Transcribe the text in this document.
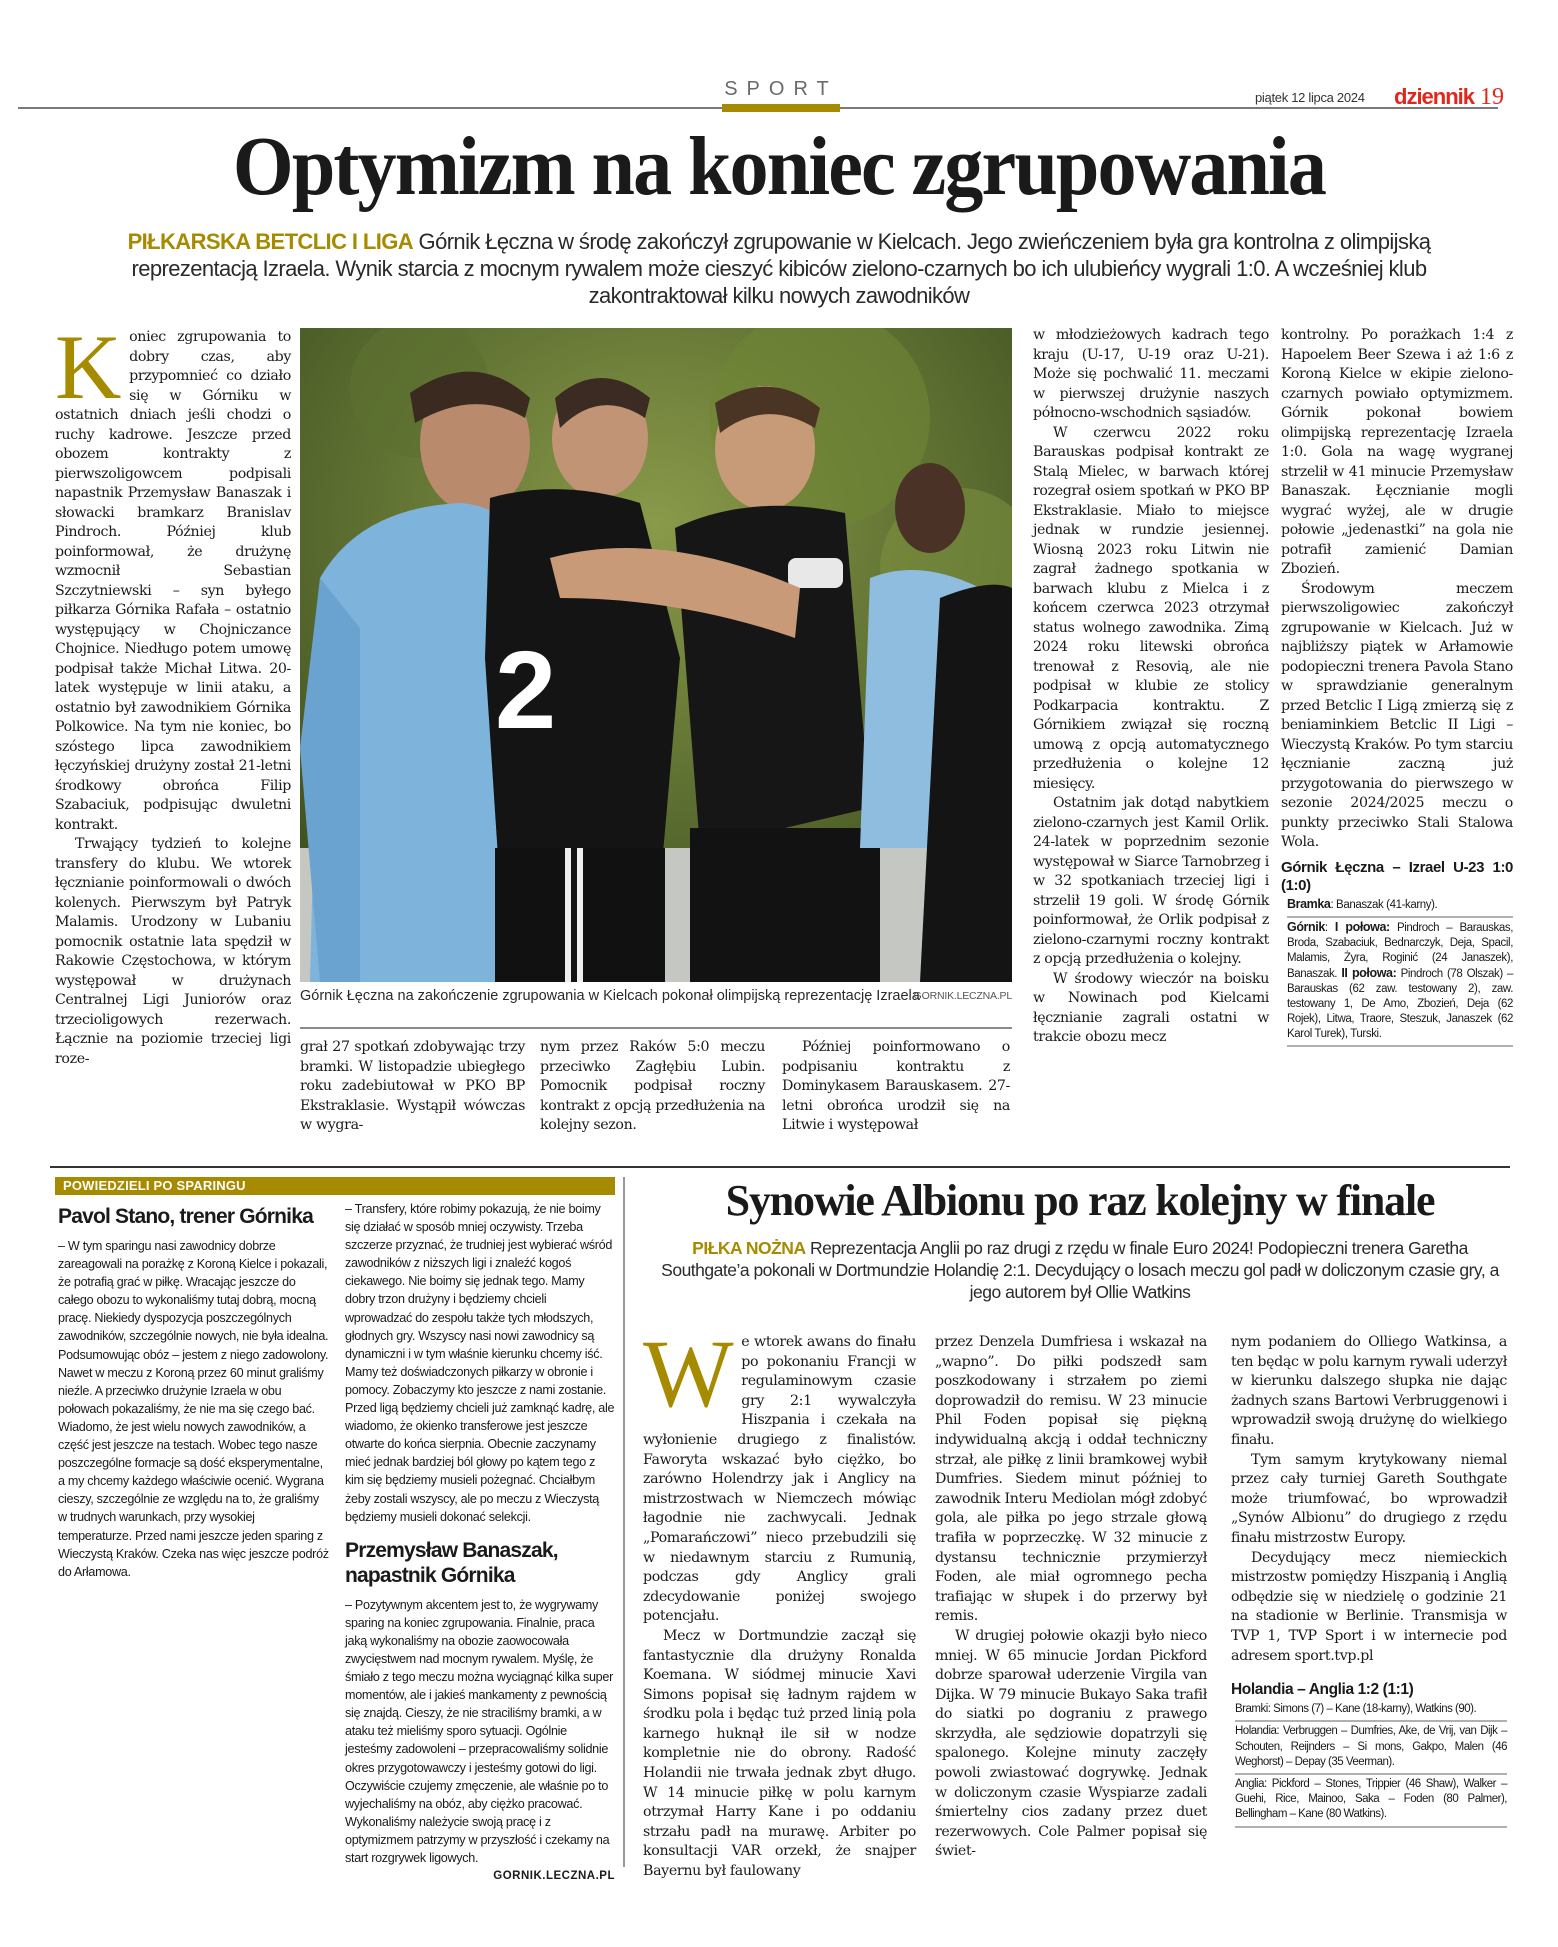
SPORT	piątek 12 lipca 2024 dziennik 19
Optymizm na koniec zgrupowania
PIŁKARSKA BETCLIC I LIGA Górnik Łęczna w środę zakończył zgrupowanie w Kielcach. Jego zwieńczeniem była gra kontrolna z olimpijską reprezentacją Izraela. Wynik starcia z mocnym rywalem może cieszyć kibiców zielono-czarnych bo ich ulubieńcy wygrali 1:0. A wcześniej klub zakontraktował kilku nowych zawodników
K oniec zgrupowania to dobry czas, aby przypomnieć co działo się w Górniku w ostatnich dniach jeśli chodzi o ruchy kadrowe. Jeszcze przed obozem kontrakty z pierwszoligowcem podpisali napastnik Przemysław Banaszak i słowacki bramkarz Branislav Pindroch. Później klub poinformował, że drużynę wzmocnił Sebastian Szczytniewski – syn byłego piłkarza Górnika Rafała – ostatnio występujący w Chojniczance Chojnice. Niedługo potem umowę podpisał także Michał Litwa. 20-latek występuje w linii ataku, a ostatnio był zawodnikiem Górnika Polkowice. Na tym nie koniec, bo szóstego lipca zawodnikiem łęczyńskiej drużyny został 21-letni środkowy obrońca Filip Szabaciuk, podpisując dwuletni kontrakt.

Trwający tydzień to kolejne transfery do klubu. We wtorek łęcznianie poinformowali o dwóch kolenych. Pierwszym był Patryk Malamis. Urodzony w Lubaniu pomocnik ostatnie lata spędził w Rakowie Częstochowa, w którym występował w drużynach Centralnej Ligi Juniorów oraz trzecioligowych rezerwach. Łącznie na poziomie trzeciej ligi roze-

2
Górnik Łęczna na zakończenie zgrupowania w Kielcach pokonał olimpijską reprezentację Izraela
GORNIK.LECZNA.PL

grał 27 spotkań zdobywając trzy bramki. W listopadzie ubiegłego roku zadebiutował w PKO BP Ekstraklasie. Wystąpił wówczas w wygra-

nym przez Raków 5:0 meczu przeciwko Zagłębiu Lubin. Pomocnik podpisał roczny kontrakt z opcją przedłużenia na kolejny sezon.

Później poinformowano o podpisaniu kontraktu z Dominykasem Barauskasem. 27-letni obrońca urodził się na Litwie i występował

w młodzieżowych kadrach tego kraju (U-17, U-19 oraz U-21). Może się pochwalić 11. meczami w pierwszej drużynie naszych północno-wschodnich sąsiadów.

W czerwcu 2022 roku Barauskas podpisał kontrakt ze Stalą Mielec, w barwach której rozegrał osiem spotkań w PKO BP Ekstraklasie. Miało to miejsce jednak w rundzie jesiennej. Wiosną 2023 roku Litwin nie zagrał żadnego spotkania w barwach klubu z Mielca i z końcem czerwca 2023 otrzymał status wolnego zawodnika. Zimą 2024 roku litewski obrońca trenował z Resovią, ale nie podpisał w klubie ze stolicy Podkarpacia kontraktu. Z Górnikiem związał się roczną umową z opcją automatycznego przedłużenia o kolejne 12 miesięcy.

Ostatnim jak dotąd nabytkiem zielono-czarnych jest Kamil Orlik. 24-latek w poprzednim sezonie występował w Siarce Tarnobrzeg i w 32 spotkaniach trzeciej ligi i strzelił 19 goli. W środę Górnik poinformował, że Orlik podpisał z zielono-czarnymi roczny kontrakt z opcją przedłużenia o kolejny.

W środowy wieczór na boisku w Nowinach pod Kielcami łęcznianie zagrali ostatni w trakcie obozu mecz

kontrolny. Po porażkach 1:4 z Hapoelem Beer Szewa i aż 1:6 z Koroną Kielce w ekipie zielono-czarnych powiało optymizmem. Górnik pokonał bowiem olimpijską reprezentację Izraela 1:0. Gola na wagę wygranej strzelił w 41 minucie Przemysław Banaszak. Łęcznianie mogli wygrać wyżej, ale w drugie połowie „jedenastki” na gola nie potrafił zamienić Damian Zbozień.

Środowym meczem pierwszoligowiec zakończył zgrupowanie w Kielcach. Już w najbliższy piątek w Arłamowie podopieczni trenera Pavola Stano w sprawdzianie generalnym przed Betclic I Ligą zmierzą się z beniaminkiem Betclic II Ligi – Wieczystą Kraków. Po tym starciu łęcznianie zaczną już przygotowania do pierwszego w sezonie 2024/2025 meczu o punkty przeciwko Stali Stalowa Wola.

Górnik Łęczna – Izrael U-23 1:0 (1:0)
Bramka: Banaszak (41-karny).
Górnik: I połowa: Pindroch – Barauskas, Broda, Szabaciuk, Bednarczyk, Deja, Spacil, Malamis, Żyra, Roginić (24 Janaszek), Banaszak. II połowa: Pindroch (78 Olszak) – Barauskas (62 zaw. testowany 2), zaw. testowany 1, De Amo, Zbozień, Deja (62 Rojek), Litwa, Traore, Steszuk, Janaszek (62 Karol Turek), Turski.
POWIEDZIELI PO SPARINGU
Pavol Stano, trener Górnika

– W tym sparingu nasi zawodnicy dobrze zareagowali na porażkę z Koroną Kielce i pokazali, że potrafią grać w piłkę. Wracając jeszcze do całego obozu to wykonaliśmy tutaj dobrą, mocną pracę. Niekiedy dyspozycja poszczególnych zawodników, szczególnie nowych, nie była idealna. Podsumowując obóz – jestem z niego zadowolony. Nawet w meczu z Koroną przez 60 minut graliśmy nieźle. A przeciwko drużynie Izraela w obu połowach pokazaliśmy, że nie ma się czego bać. Wiadomo, że jest wielu nowych zawodników, a część jest jeszcze na testach. Wobec tego nasze poszczególne formacje są dość eksperymentalne, a my chcemy każdego właściwie ocenić. Wygrana cieszy, szczególnie ze względu na to, że graliśmy w trudnych warunkach, przy wysokiej temperaturze. Przed nami jeszcze jeden sparing z Wieczystą Kraków. Czeka nas więc jeszcze podróż do Arłamowa.

– Transfery, które robimy pokazują, że nie boimy się działać w sposób mniej oczywisty. Trzeba szczerze przyznać, że trudniej jest wybierać wśród zawodników z niższych ligi i znaleźć kogoś ciekawego. Nie boimy się jednak tego. Mamy dobry trzon drużyny i będziemy chcieli wprowadzać do zespołu także tych młodszych, głodnych gry. Wszyscy nasi nowi zawodnicy są dynamiczni i w tym właśnie kierunku chcemy iść. Mamy też doświadczonych piłkarzy w obronie i pomocy. Zobaczymy kto jeszcze z nami zostanie. Przed ligą będziemy chcieli już zamknąć kadrę, ale wiadomo, że okienko transferowe jest jeszcze otwarte do końca sierpnia. Obecnie zaczynamy mieć jednak bardziej ból głowy po kątem tego z kim się będziemy musieli pożegnać. Chciałbym żeby zostali wszyscy, ale po meczu z Wieczystą będziemy musieli dokonać selekcji.

Przemysław Banaszak, napastnik Górnika

– Pozytywnym akcentem jest to, że wygrywamy sparing na koniec zgrupowania. Finalnie, praca jaką wykonaliśmy na obozie zaowocowała zwycięstwem nad mocnym rywalem. Myślę, że śmiało z tego meczu można wyciągnąć kilka super momentów, ale i jakieś mankamenty z pewnością się znajdą. Cieszy, że nie straciliśmy bramki, a w ataku też mieliśmy sporo sytuacji. Ogólnie jesteśmy zadowoleni – przepracowaliśmy solidnie okres przygotowawczy i jesteśmy gotowi do ligi. Oczywiście czujemy zmęczenie, ale właśnie po to wyjechaliśmy na obóz, aby ciężko pracować. Wykonaliśmy należycie swoją pracę i z optymizmem patrzymy w przyszłość i czekamy na start rozgrywek ligowych.

GORNIK.LECZNA.PL
Synowie Albionu po raz kolejny w finale
PIŁKA NOŻNA Reprezentacja Anglii po raz drugi z rzędu w finale Euro 2024! Podopieczni trenera Garetha Southgate’a pokonali w Dortmundzie Holandię 2:1. Decydujący o losach meczu gol padł w doliczonym czasie gry, a jego autorem był Ollie Watkins
W e wtorek awans do finału po pokonaniu Francji w regulaminowym czasie gry 2:1 wywalczyła Hiszpania i czekała na wyłonienie drugiego z finalistów. Faworyta wskazać było ciężko, bo zarówno Holendrzy jak i Anglicy na mistrzostwach w Niemczech mówiąc łagodnie nie zachwycali. Jednak „Pomarańczowi” nieco przebudzili się w niedawnym starciu z Rumunią, podczas gdy Anglicy grali zdecydowanie poniżej swojego potencjału.

Mecz w Dortmundzie zaczął się fantastycznie dla drużyny Ronalda Koemana. W siódmej minucie Xavi Simons popisał się ładnym rajdem w środku pola i będąc tuż przed linią pola karnego huknął ile sił w nodze kompletnie nie do obrony. Radość Holandii nie trwała jednak zbyt długo. W 14 minucie piłkę w polu karnym otrzymał Harry Kane i po oddaniu strzału padł na murawę. Arbiter po konsultacji VAR orzekł, że snajper Bayernu był faulowany

przez Denzela Dumfriesa i wskazał na „wapno”. Do piłki podszedł sam poszkodowany i strzałem po ziemi doprowadził do remisu. W 23 minucie Phil Foden popisał się piękną indywidualną akcją i oddał techniczny strzał, ale piłkę z linii bramkowej wybił Dumfries. Siedem minut później to zawodnik Interu Mediolan mógł zdobyć gola, ale piłka po jego strzale głową trafiła w poprzeczkę. W 32 minucie z dystansu technicznie przymierzył Foden, ale miał ogromnego pecha trafiając w słupek i do przerwy był remis.

W drugiej połowie okazji było nieco mniej. W 65 minucie Jordan Pickford dobrze sparował uderzenie Virgila van Dijka. W 79 minucie Bukayo Saka trafił do siatki po dograniu z prawego skrzydła, ale sędziowie dopatrzyli się spalonego. Kolejne minuty zaczęły powoli zwiastować dogrywkę. Jednak w doliczonym czasie Wyspiarze zadali śmiertelny cios zadany przez duet rezerwowych. Cole Palmer popisał się świet-

nym podaniem do Olliego Watkinsa, a ten będąc w polu karnym rywali uderzył w kierunku dalszego słupka nie dając żadnych szans Bartowi Verbruggenowi i wprowadził swoją drużynę do wielkiego finału.

Tym samym krytykowany niemal przez cały turniej Gareth Southgate może triumfować, bo wprowadził „Synów Albionu” do drugiego z rzędu finału mistrzostw Europy.

Decydujący mecz niemieckich mistrzostw pomiędzy Hiszpanią i Anglią odbędzie się w niedzielę o godzinie 21 na stadionie w Berlinie. Transmisja w TVP 1, TVP Sport i w internecie pod adresem sport.tvp.pl

Holandia – Anglia 1:2 (1:1)
Bramki: Simons (7) – Kane (18-karny), Watkins (90).
Holandia: Verbruggen – Dumfries, Ake, de Vrij, van Dijk – Schouten, Reijnders – Si mons, Gakpo, Malen (46 Weghorst) – Depay (35 Veerman).
Anglia: Pickford – Stones, Trippier (46 Shaw), Walker – Guehi, Rice, Mainoo, Saka – Foden (80 Palmer), Bellingham – Kane (80 Watkins).
